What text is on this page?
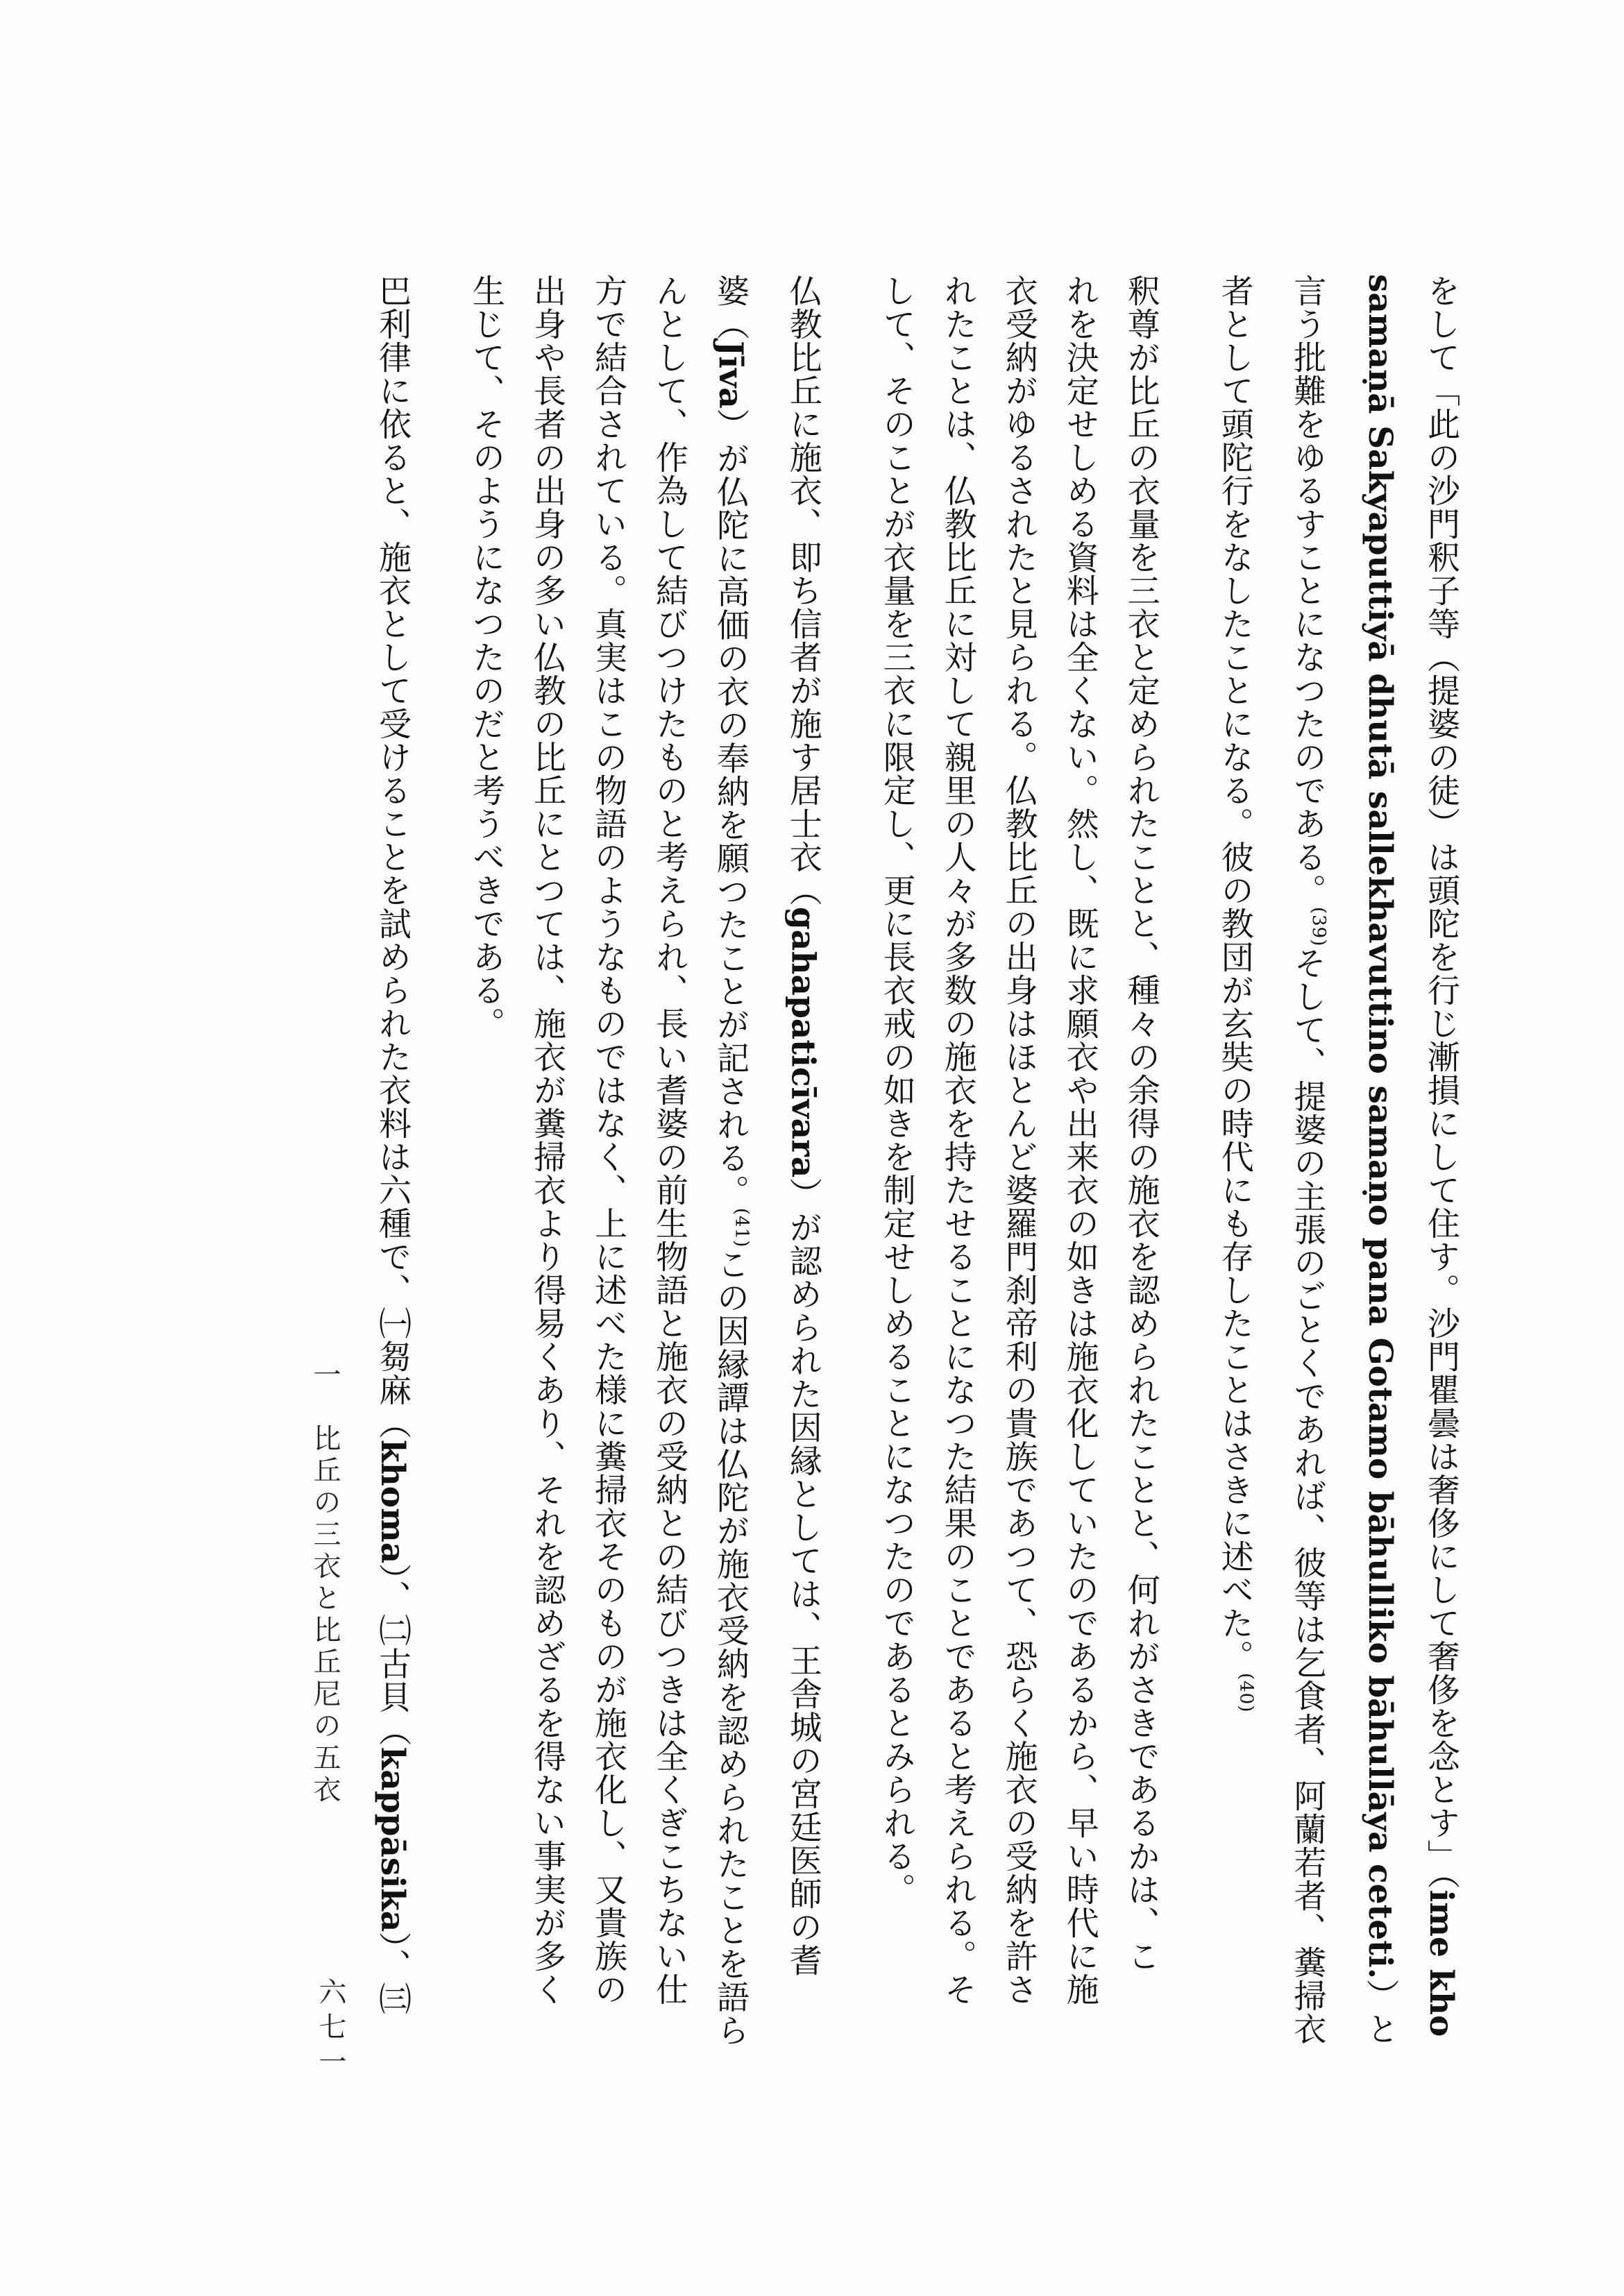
をして「此の沙門釈子等（提婆の徒）は頭陀を行じ漸損にして住す。沙門瞿曇は奢侈にして奢侈を念とす」（ime kho
samaṇā Sakyaputtiyā dhutā sallekhavuttino samaṇo pana Gotamo bāhulliko bāhullāya ceteti.）と
言う批難をゆるすことになつたのである。$^{(39)}$そして、提婆の主張のごとくであれば、彼等は乞食者、阿蘭若者、糞掃衣
者として頭陀行をなしたことになる。彼の教団が玄奘の時代にも存したことはさきに述べた。$^{(40)}$
釈尊が比丘の衣量を三衣と定められたことと、種々の余得の施衣を認められたことと、何れがさきであるかは、こ
れを決定せしめる資料は全くない。然し、既に求願衣や出来衣の如きは施衣化していたのであるから、早い時代に施
衣受納がゆるされたと見られる。仏教比丘の出身はほとんど婆羅門刹帝利の貴族であつて、恐らく施衣の受納を許さ
れたことは、仏教比丘に対して親里の人々が多数の施衣を持たせることになつた結果のことであると考えられる。そ
して、そのことが衣量を三衣に限定し、更に長衣戒の如きを制定せしめることになつたのであるとみられる。
仏教比丘に施衣、即ち信者が施す居士衣（gahapaticīvara）が認められた因縁としては、王舎城の宮廷医師の耆
婆（Jīva）が仏陀に高価の衣の奉納を願つたことが記される。$^{(41)}$この因縁譚は仏陀が施衣受納を認められたことを語ら
んとして、作為して結びつけたものと考えられ、長い耆婆の前生物語と施衣の受納との結びつきは全くぎこちない仕
方で結合されている。真実はこの物語のようなものではなく、上に述べた様に糞掃衣そのものが施衣化し、又貴族の
出身や長者の出身の多い仏教の比丘にとつては、施衣が糞掃衣より得易くあり、それを認めざるを得ない事実が多く
生じて、そのようになつたのだと考うべきである。
巴利律に依ると、施衣として受けることを試められた衣料は六種で、㈠芻麻（khoma）、㈡古貝（kappāsika）、㈢
一　比丘の三衣と比丘尼の五衣
六七一
